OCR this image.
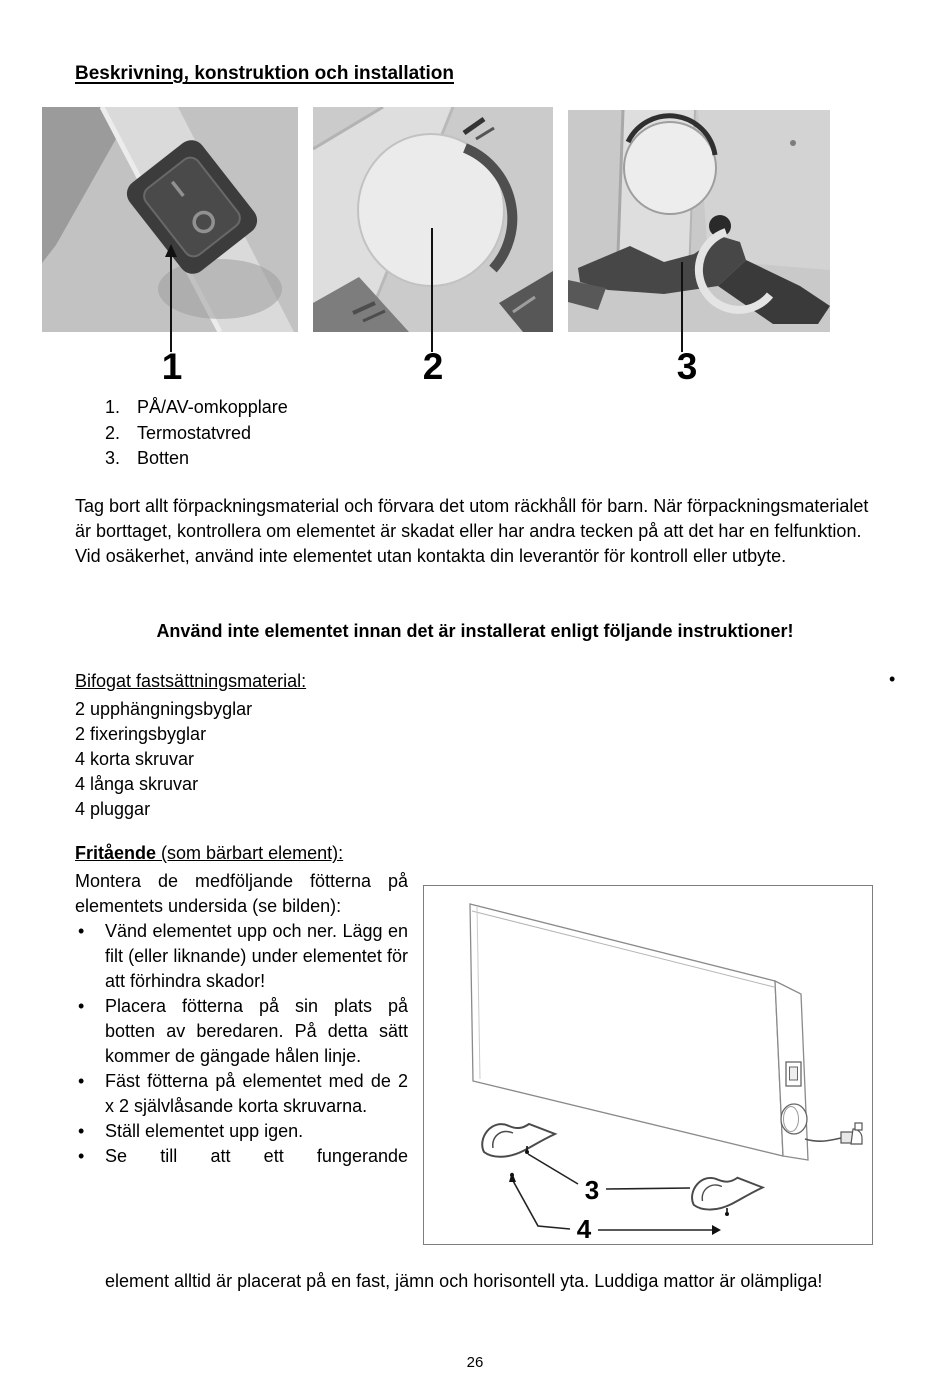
Beskrivning, konstruktion och installation
1	2	3
1. PÅ/AV-omkopplare
2. Termostatvred
3. Botten

Tag bort allt förpackningsmaterial och förvara det utom räckhåll för barn. När förpackningsmaterialet är borttaget, kontrollera om elementet är skadat eller har andra tecken på att det har en felfunktion. Vid osäkerhet, använd inte elementet utan kontakta din leverantör för kontroll eller utbyte.

Använd inte elementet innan det är installerat enligt följande instruktioner!

Bifogat fastsättningsmaterial:	•
2 upphängningsbyglar
2 fixeringsbyglar
4 korta skruvar
4 långa skruvar
4 pluggar
Fritående (som bärbart element):

Montera de medföljande fötterna på elementets undersida (se bilden):

• Vänd elementet upp och ner. Lägg en filt (eller liknande) under elementet för att förhindra skador!
• Placera fötterna på sin plats på botten av beredaren. På detta sätt kommer de gängade hålen linje.
• Fäst fötterna på elementet med de 2 x 2 självlåsande korta skruvarna.
• Ställ elementet upp igen.
• Se till att ett fungerande
3
4

element alltid är placerat på en fast, jämn och horisontell yta. Luddiga mattor är olämpliga!

26
